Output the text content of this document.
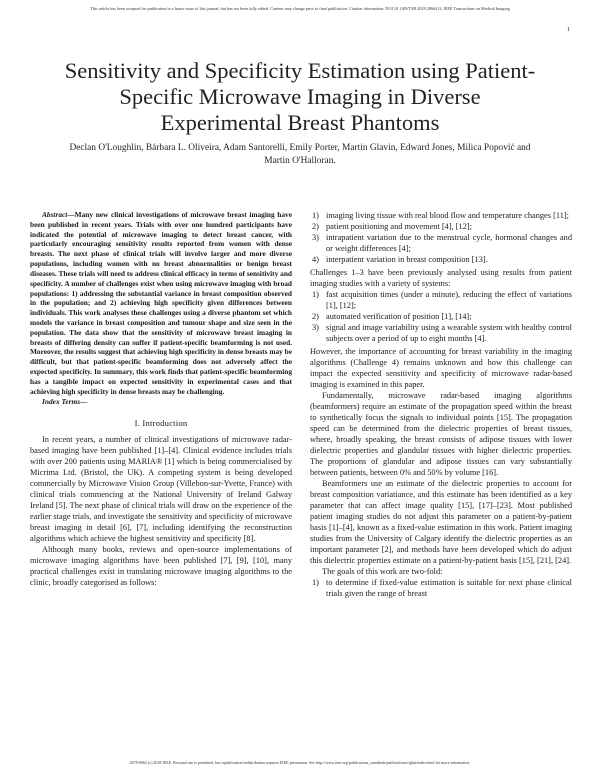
This article has been accepted for publication in a future issue of this journal, but has not been fully edited. Content may change prior to final publication. Citation information: DOI 10.1109/TMI.2018.2866413, IEEE Transactions on Medical Imaging
1
Sensitivity and Specificity Estimation using Patient-Specific Microwave Imaging in Diverse Experimental Breast Phantoms
Declan O'Loughlin, Bárbara L. Oliveira, Adam Santorelli, Emily Porter, Martin Glavin, Edward Jones, Milica Popović and Martin O'Halloran.

Abstract—Many new clinical investigations of microwave breast imaging have been published in recent years. Trials with over one hundred participants have indicated the potential of microwave imaging to detect breast cancer, with particularly encouraging sensitivity results reported from women with dense breasts. The next phase of clinical trials will involve larger and more diverse populations, including women with no breast abnormalities or benign breast diseases. These trials will need to address clinical efficacy in terms of sensitivity and specificity. A number of challenges exist when using microwave imaging with broad populations: 1) addressing the substantial variance in breast composition observed in the population; and 2) achieving high specificity given differences between individuals. This work analyses these challenges using a diverse phantom set which models the variance in breast composition and tumour shape and size seen in the population. The data show that the sensitivity of microwave breast imaging in breasts of differing density can suffer if patient-specific beamforming is not used. Moreover, the results suggest that achieving high specificity in dense breasts may be difficult, but that patient-specific beamforming does not adversely affect the expected specificity. In summary, this work finds that patient-specific beamforming has a tangible impact on expected sensitivity in experimental cases and that achieving high specificity in dense breasts may be challenging.

Index Terms—

I. Introduction

In recent years, a number of clinical investigations of microwave radar-based imaging have been published [1]–[4]. Clinical evidence includes trials with over 200 patients using MARIA® [1] which is being commercialised by Micrima Ltd. (Bristol, the UK). A competing system is being developed commercially by Microwave Vision Group (Villebon-sur-Yvette, France) with clinical trials commencing at the National University of Ireland Galway Ireland [5]. The next phase of clinical trials will draw on the experience of the earlier stage trials, and investigate the sensitivity and specificity of microwave breast imaging in detail [6], [7], including identifying the reconstruction algorithms which achieve the highest sensitivity and specificity [8].

Although many books, reviews and open-source implementations of microwave imaging algorithms have been published [7], [9], [10], many practical challenges exist in translating microwave imaging algorithms to the clinic, broadly categorised as follows:

1) imaging living tissue with real blood flow and temperature changes [11];
2) patient positioning and movement [4], [12];
3) intrapatient variation due to the menstrual cycle, hormonal changes and or weight differences [4];
4) interpatient variation in breast composition [13].

Challenges 1–3 have been previously analysed using results from patient imaging studies with a variety of systems:

1) fast acquisition times (under a minute), reducing the effect of variations [1], [12];
2) automated verification of position [1], [14];
3) signal and image variability using a wearable system with healthy control subjects over a period of up to eight months [4].

However, the importance of accounting for breast variability in the imaging algorithms (Challenge 4) remains unknown and how this challenge can impact the expected sensitivity and specificity of microwave radar-based imaging is examined in this paper.

Fundamentally, microwave radar-based imaging algorithms (beamformers) require an estimate of the propagation speed within the breast to synthetically focus the signals to individual points [15]. The propagation speed can be determined from the dielectric properties of breast tissues, where, broadly speaking, the breast consists of adipose tissues with lower dielectric properties and glandular tissues with higher dielectric properties. The proportions of glandular and adipose tissues can vary substantially between patients, between 0% and 50% by volume [16].

Beamformers use an estimate of the dielectric properties to account for breast composition variatiance, and this estimate has been identified as a key parameter that can affect image quality [15], [17]–[23]. Most published patient imaging studies do not adjust this parameter on a patient-by-patient basis [1]–[4], known as a fixed-value estimation in this work. Patient imaging studies from the University of Calgary identify the dielectric properties as an important parameter [2], and methods have been developed which do adjust this dielectric properties estimate on a patient-by-patient basis [15], [21], [24].

The goals of this work are two-fold:

1) to determine if fixed-value estimation is suitable for next phase clinical trials given the range of breast
0278-0062 (c) 2018 IEEE. Personal use is permitted, but republication/redistribution requires IEEE permission. See http://www.ieee.org/publications_standards/publications/rights/index.html for more information.
